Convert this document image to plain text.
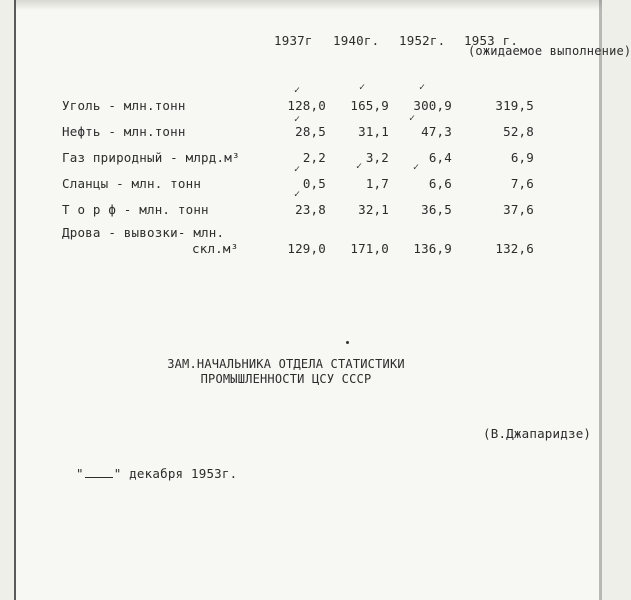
1937г 1940г. 1952г. 1953 г.
(ожидаемое выполнение)
✓	✓	✓
✓	✓
✓
✓	✓
✓
Уголь - млн.тонн	128,0	165,9	300,9	319,5
Нефть - млн.тонн	28,5	31,1	47,3	52,8
Газ природный - млрд.м³	2,2	3,2	6,4	6,9
Сланцы - млн. тонн	0,5	1,7	6,6	7,6
Т о р ф - млн. тонн	23,8	32,1	36,5	37,6
Дрова - вывозки- млн.
скл.м³	129,0	171,0	136,9	132,6
ЗАМ.НАЧАЛЬНИКА ОТДЕЛА СТАТИСТИКИ
ПРОМЫШЛЕННОСТИ ЦСУ СССР
(В.Джапаридзе)
" " декабря 1953г.
